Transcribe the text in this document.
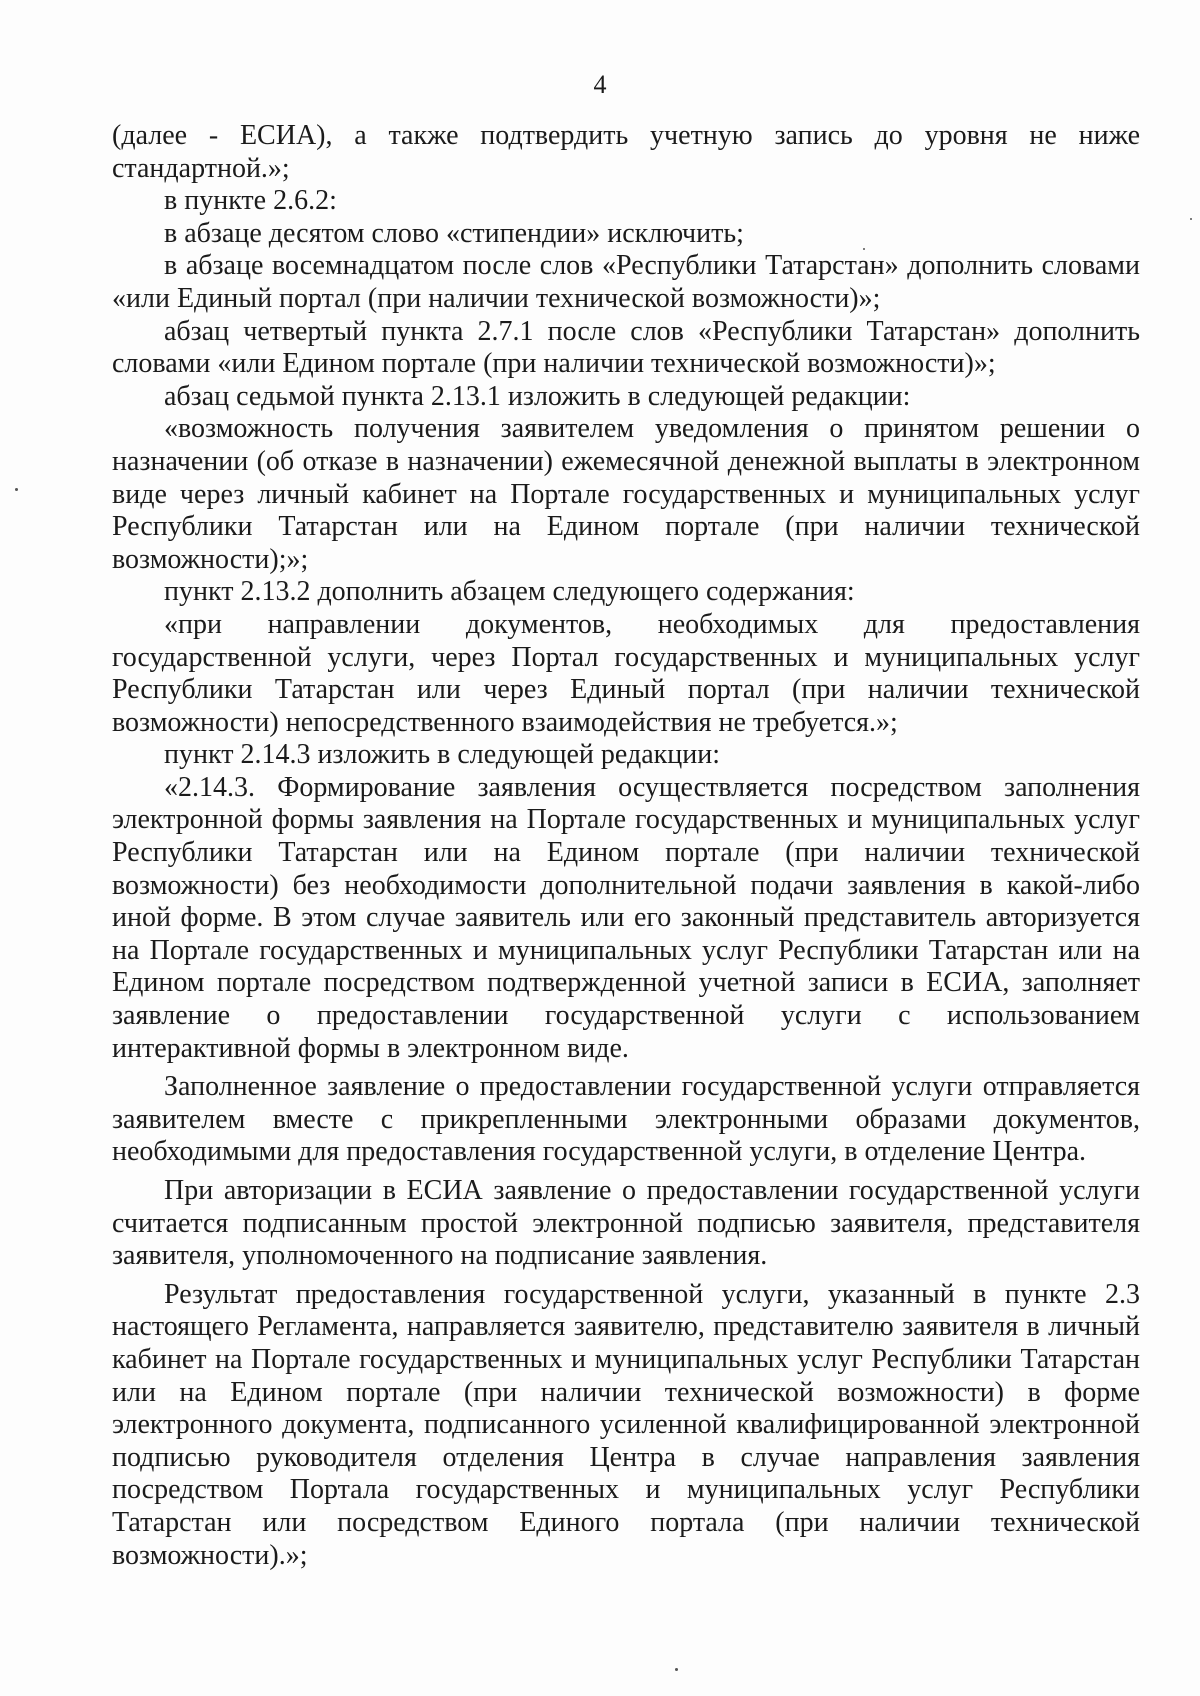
4

(далее - ЕСИА), а также подтвердить учетную запись до уровня не ниже стандартной.»;

в пункте 2.6.2:

в абзаце десятом слово «стипендии» исключить;

в абзаце восемнадцатом после слов «Республики Татарстан» дополнить словами «или Единый портал (при наличии технической возможности)»;

абзац четвертый пункта 2.7.1 после слов «Республики Татарстан» дополнить словами «или Едином портале (при наличии технической возможности)»;

абзац седьмой пункта 2.13.1 изложить в следующей редакции:

«возможность получения заявителем уведомления о принятом решении о назначении (об отказе в назначении) ежемесячной денежной выплаты в электронном виде через личный кабинет на Портале государственных и муниципальных услуг Республики Татарстан или на Едином портале (при наличии технической возможности);»;

пункт 2.13.2 дополнить абзацем следующего содержания:

«при направлении документов, необходимых для предоставления государственной услуги, через Портал государственных и муниципальных услуг Республики Татарстан или через Единый портал (при наличии технической возможности) непосредственного взаимодействия не требуется.»;

пункт 2.14.3 изложить в следующей редакции:

«2.14.3. Формирование заявления осуществляется посредством заполнения электронной формы заявления на Портале государственных и муниципальных услуг Республики Татарстан или на Едином портале (при наличии технической возможности) без необходимости дополнительной подачи заявления в какой-либо иной форме. В этом случае заявитель или его законный представитель авторизуется на Портале государственных и муниципальных услуг Республики Татарстан или на Едином портале посредством подтвержденной учетной записи в ЕСИА, заполняет заявление о предоставлении государственной услуги с использованием интерактивной формы в электронном виде.

Заполненное заявление о предоставлении государственной услуги отправляется заявителем вместе с прикрепленными электронными образами документов, необходимыми для предоставления государственной услуги, в отделение Центра.

При авторизации в ЕСИА заявление о предоставлении государственной услуги считается подписанным простой электронной подписью заявителя, представителя заявителя, уполномоченного на подписание заявления.

Результат предоставления государственной услуги, указанный в пункте 2.3 настоящего Регламента, направляется заявителю, представителю заявителя в личный кабинет на Портале государственных и муниципальных услуг Республики Татарстан или на Едином портале (при наличии технической возможности) в форме электронного документа, подписанного усиленной квалифицированной электронной подписью руководителя отделения Центра в случае направления заявления посредством Портала государственных и муниципальных услуг Республики Татарстан или посредством Единого портала (при наличии технической возможности).»;
